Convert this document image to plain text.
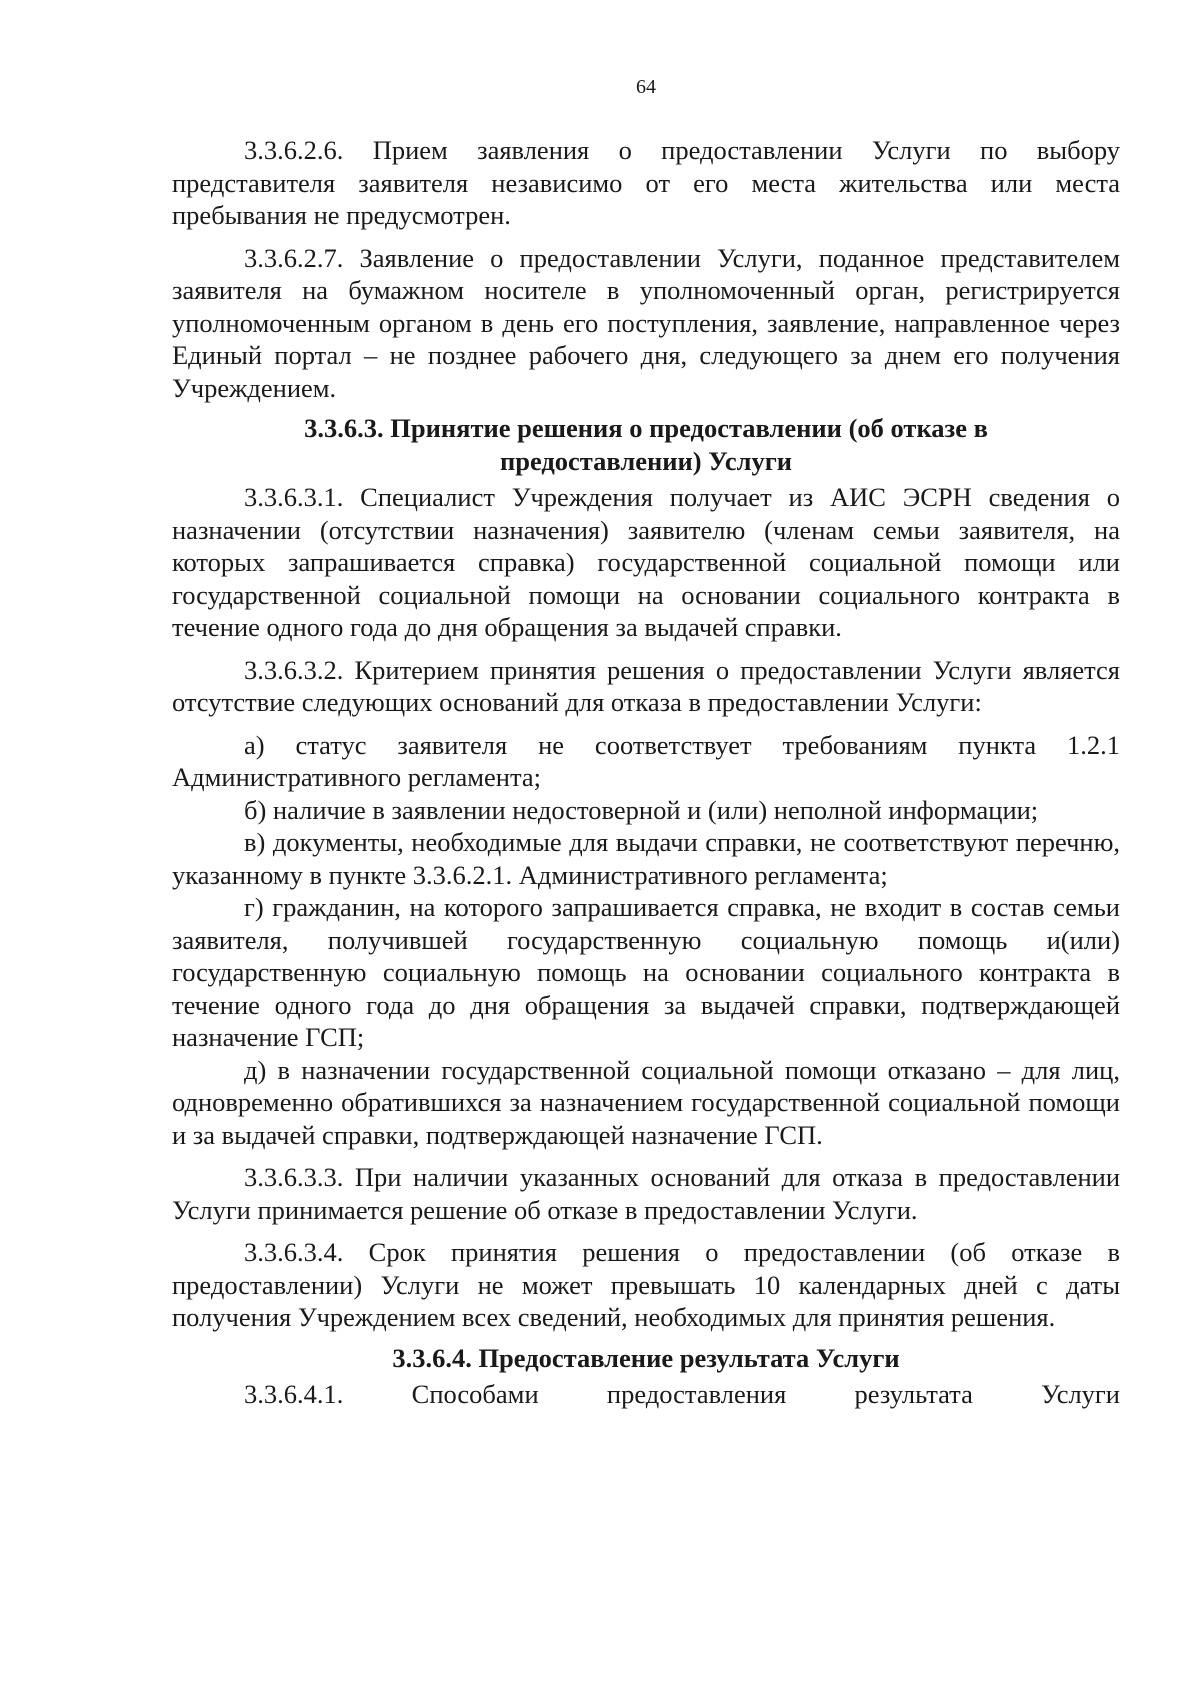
64

3.3.6.2.6. Прием заявления о предоставлении Услуги по выбору представителя заявителя независимо от его места жительства или места пребывания не предусмотрен.

3.3.6.2.7. Заявление о предоставлении Услуги, поданное представителем заявителя на бумажном носителе в уполномоченный орган, регистрируется уполномоченным органом в день его поступления, заявление, направленное через Единый портал – не позднее рабочего дня, следующего за днем его получения Учреждением.

3.3.6.3. Принятие решения о предоставлении (об отказе в предоставлении) Услуги

3.3.6.3.1. Специалист Учреждения получает из АИС ЭСРН сведения о назначении (отсутствии назначения) заявителю (членам семьи заявителя, на которых запрашивается справка) государственной социальной помощи или государственной социальной помощи на основании социального контракта в течение одного года до дня обращения за выдачей справки.

3.3.6.3.2. Критерием принятия решения о предоставлении Услуги является отсутствие следующих оснований для отказа в предоставлении Услуги:

а) статус заявителя не соответствует требованиям пункта 1.2.1 Административного регламента;

б) наличие в заявлении недостоверной и (или) неполной информации;

в) документы, необходимые для выдачи справки, не соответствуют перечню, указанному в пункте 3.3.6.2.1. Административного регламента;

г) гражданин, на которого запрашивается справка, не входит в состав семьи заявителя, получившей государственную социальную помощь и(или) государственную социальную помощь на основании социального контракта в течение одного года до дня обращения за выдачей справки, подтверждающей назначение ГСП;

д) в назначении государственной социальной помощи отказано – для лиц, одновременно обратившихся за назначением государственной социальной помощи и за выдачей справки, подтверждающей назначение ГСП.

3.3.6.3.3. При наличии указанных оснований для отказа в предоставлении Услуги принимается решение об отказе в предоставлении Услуги.

3.3.6.3.4. Срок принятия решения о предоставлении (об отказе в предоставлении) Услуги не может превышать 10 календарных дней с даты получения Учреждением всех сведений, необходимых для принятия решения.

3.3.6.4. Предоставление результата Услуги

3.3.6.4.1. Способами предоставления результата Услуги
